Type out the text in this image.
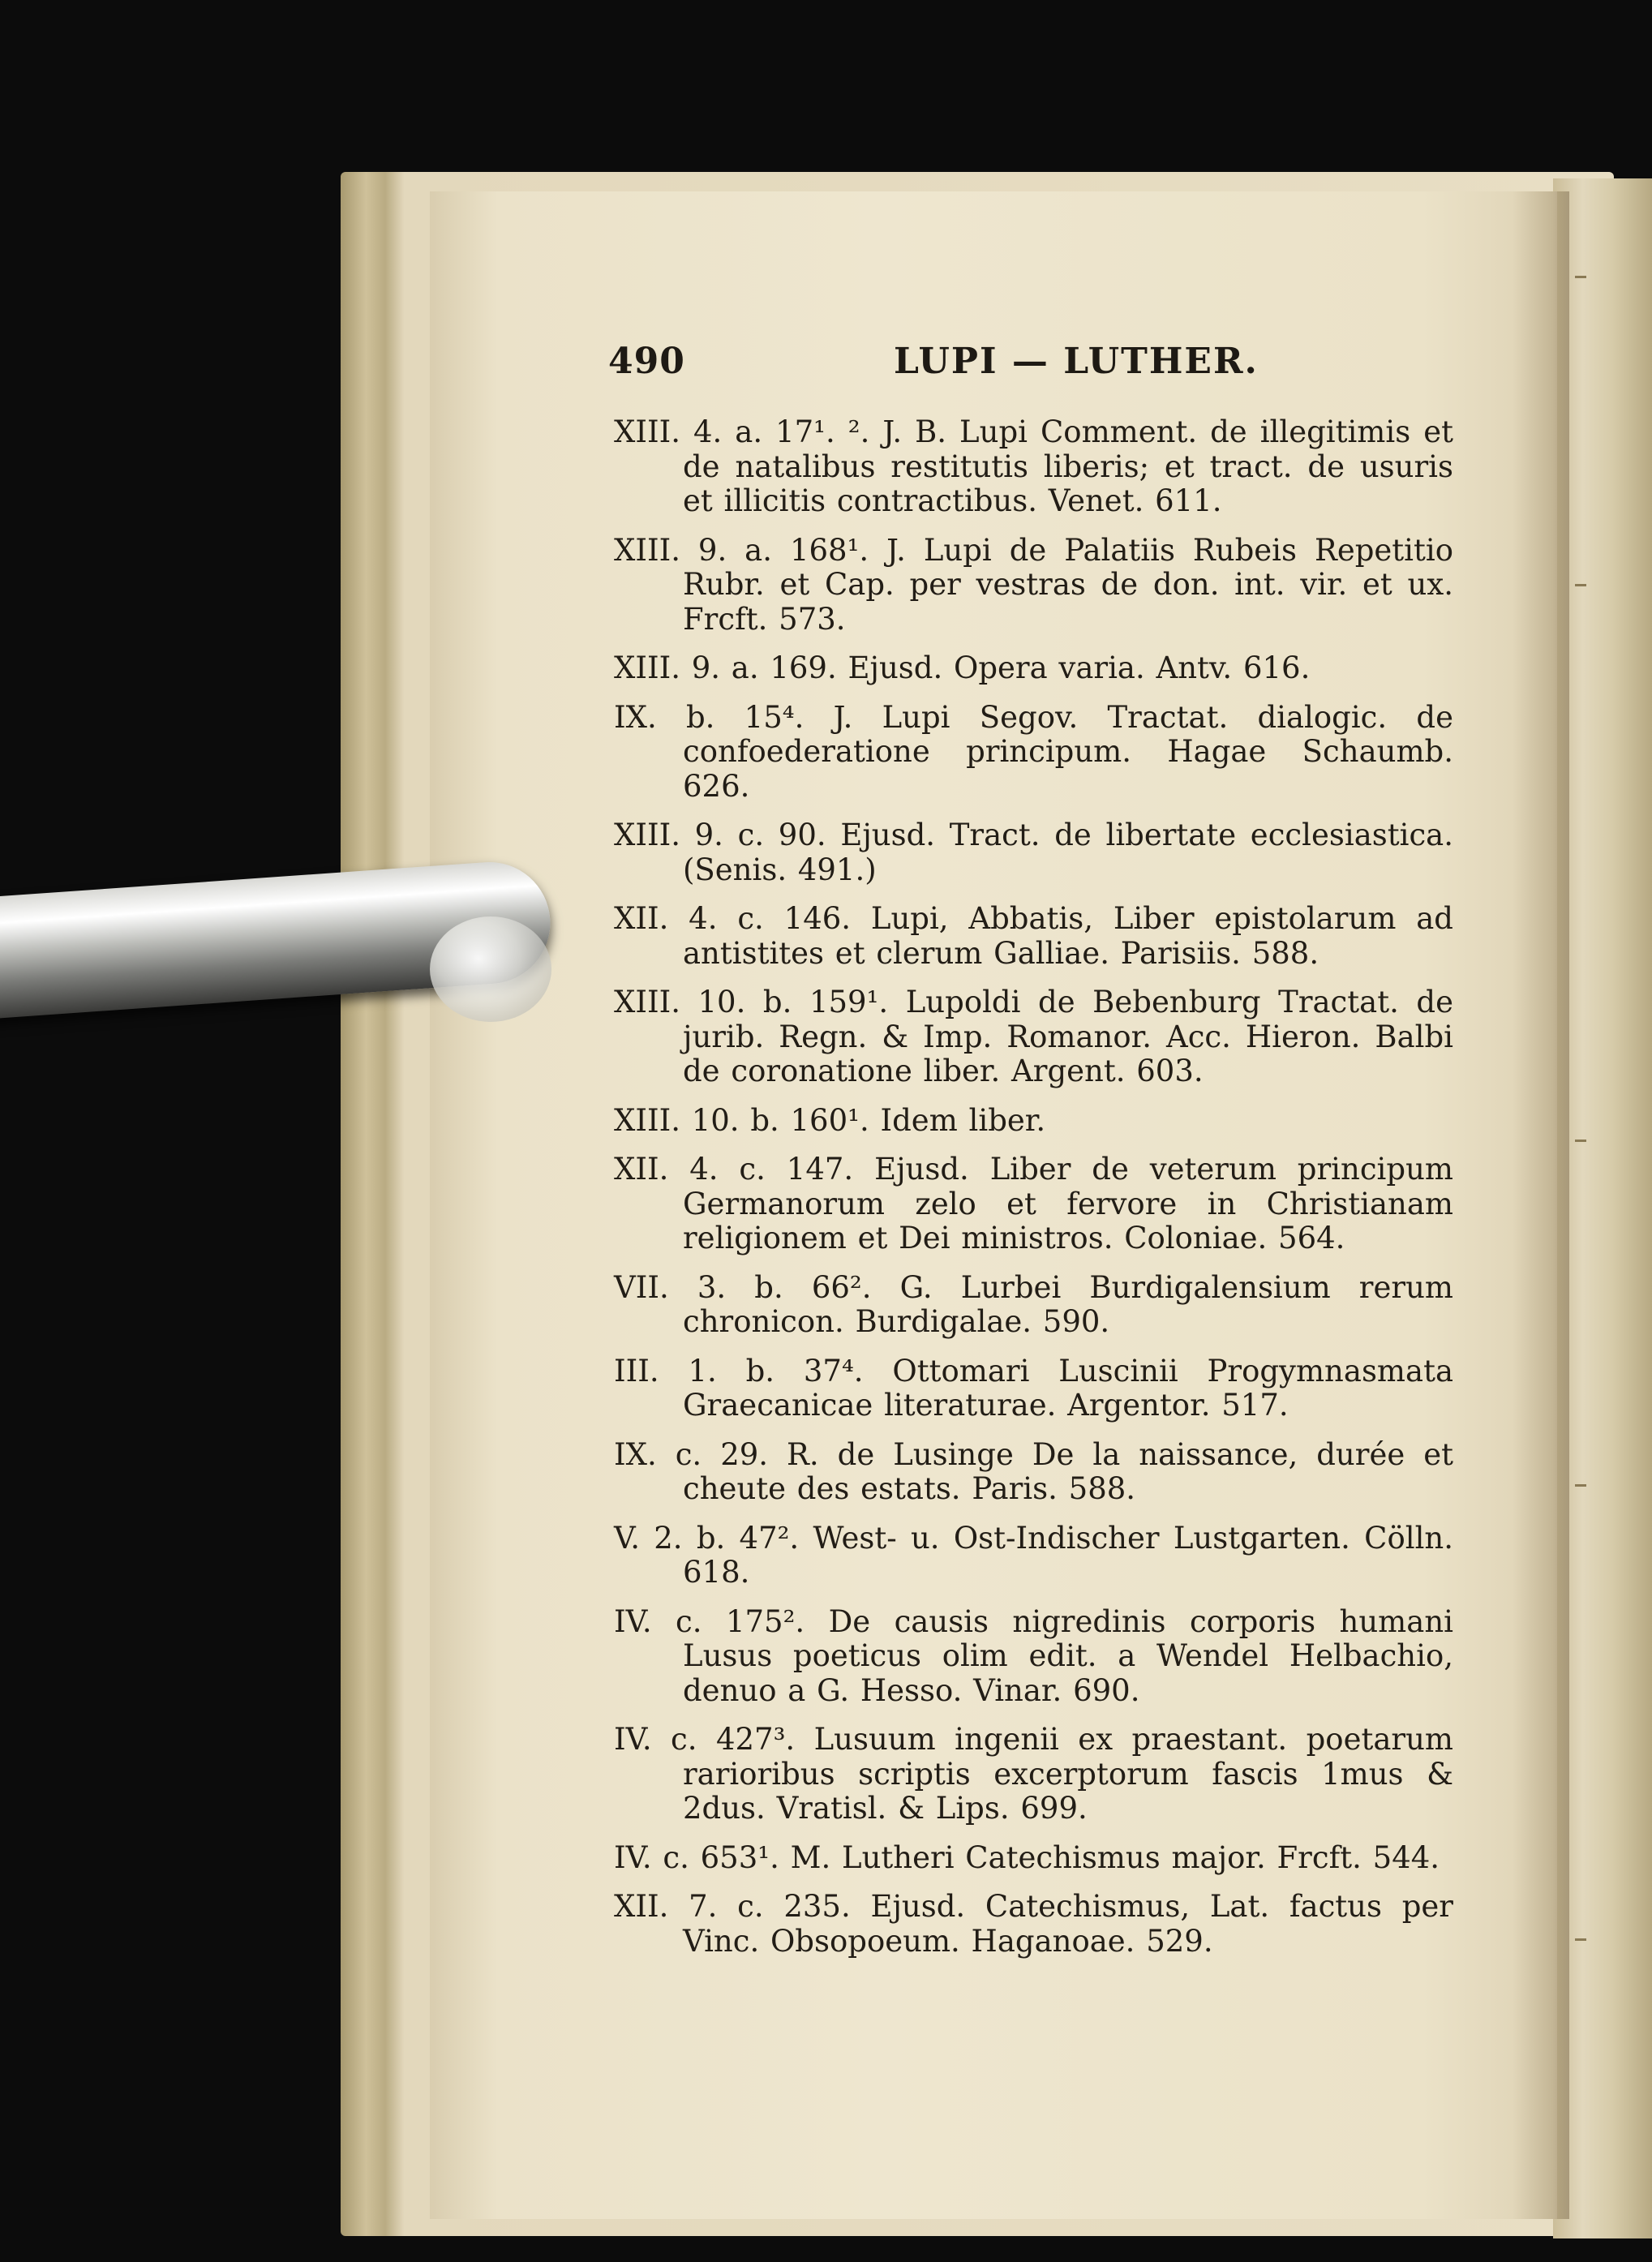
490	LUPI — LUTHER.
XIII. 4. a. 17¹. ². J. B. Lupi Comment. de illegitimis et de natalibus restitutis liberis; et tract. de usuris et illicitis contractibus. Venet. 611.
XIII. 9. a. 168¹. J. Lupi de Palatiis Rubeis Repetitio Rubr. et Cap. per vestras de don. int. vir. et ux. Frcft. 573.
XIII. 9. a. 169. Ejusd. Opera varia. Antv. 616.
IX. b. 15⁴. J. Lupi Segov. Tractat. dialogic. de confoederatione principum. Hagae Schaumb. 626.
XIII. 9. c. 90. Ejusd. Tract. de libertate ecclesiastica. (Senis. 491.)
XII. 4. c. 146. Lupi, Abbatis, Liber epistolarum ad antistites et clerum Galliae. Parisiis. 588.
XIII. 10. b. 159¹. Lupoldi de Bebenburg Tractat. de jurib. Regn. & Imp. Romanor. Acc. Hieron. Balbi de coronatione liber. Argent. 603.
XIII. 10. b. 160¹. Idem liber.
XII. 4. c. 147. Ejusd. Liber de veterum principum Germanorum zelo et fervore in Christianam religionem et Dei ministros. Coloniae. 564.
VII. 3. b. 66². G. Lurbei Burdigalensium rerum chronicon. Burdigalae. 590.
III. 1. b. 37⁴. Ottomari Luscinii Progymnasmata Graecanicae literaturae. Argentor. 517.
IX. c. 29. R. de Lusinge De la naissance, durée et cheute des estats. Paris. 588.
V. 2. b. 47². West- u. Ost-Indischer Lustgarten. Cölln. 618.
IV. c. 175². De causis nigredinis corporis humani Lusus poeticus olim edit. a Wendel Helbachio, denuo a G. Hesso. Vinar. 690.
IV. c. 427³. Lusuum ingenii ex praestant. poetarum rarioribus scriptis excerptorum fascis 1mus & 2dus. Vratisl. & Lips. 699.
IV. c. 653¹. M. Lutheri Catechismus major. Frcft. 544.
XII. 7. c. 235. Ejusd. Catechismus, Lat. factus per Vinc. Obsopoeum. Haganoae. 529.
